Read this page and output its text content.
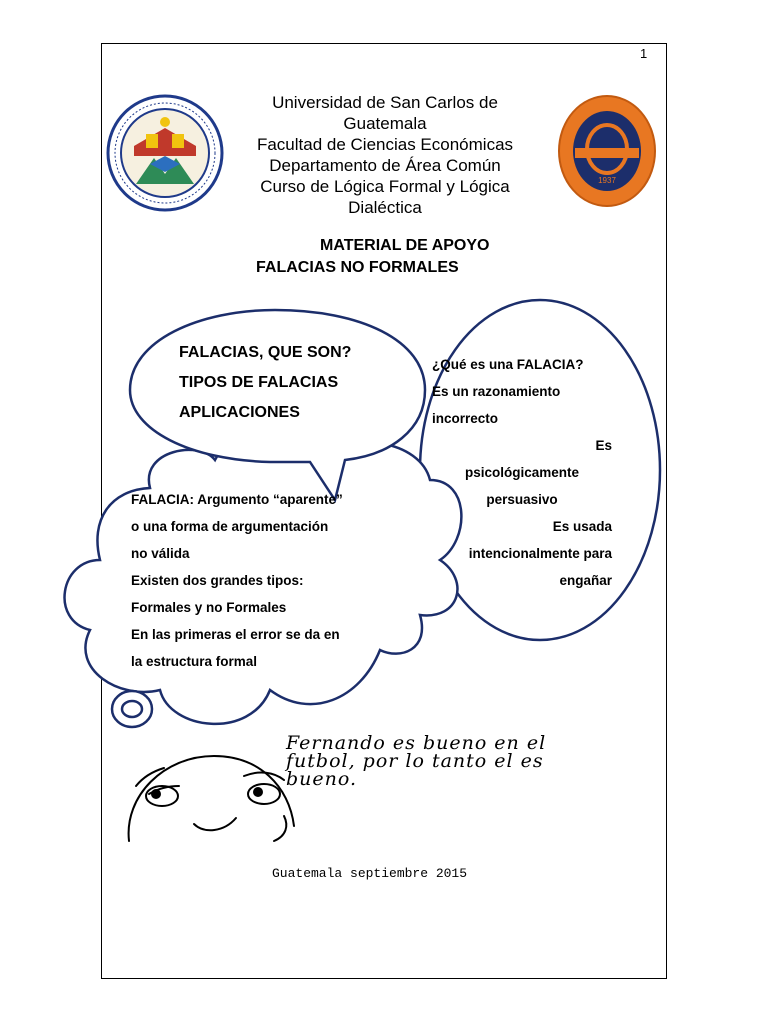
1
1937
Universidad de San Carlos de
Guatemala
Facultad de Ciencias Económicas
Departamento de Área Común
Curso de Lógica Formal y Lógica
Dialéctica
MATERIAL DE APOYO
FALACIAS NO FORMALES
FALACIAS, QUE SON?
TIPOS DE FALACIAS
APLICACIONES
¿Qué es una FALACIA?
Es un razonamiento
incorrecto
Es
psicológicamente
persuasivo
Es usada
intencionalmente para
engañar
FALACIA: Argumento “aparente”
o una forma de argumentación
no válida
Existen dos grandes tipos:
Formales y no Formales
En las primeras el error se da en
la estructura formal
Fernando es bueno en el
futbol, por lo tanto el es
bueno.
Guatemala septiembre 2015
